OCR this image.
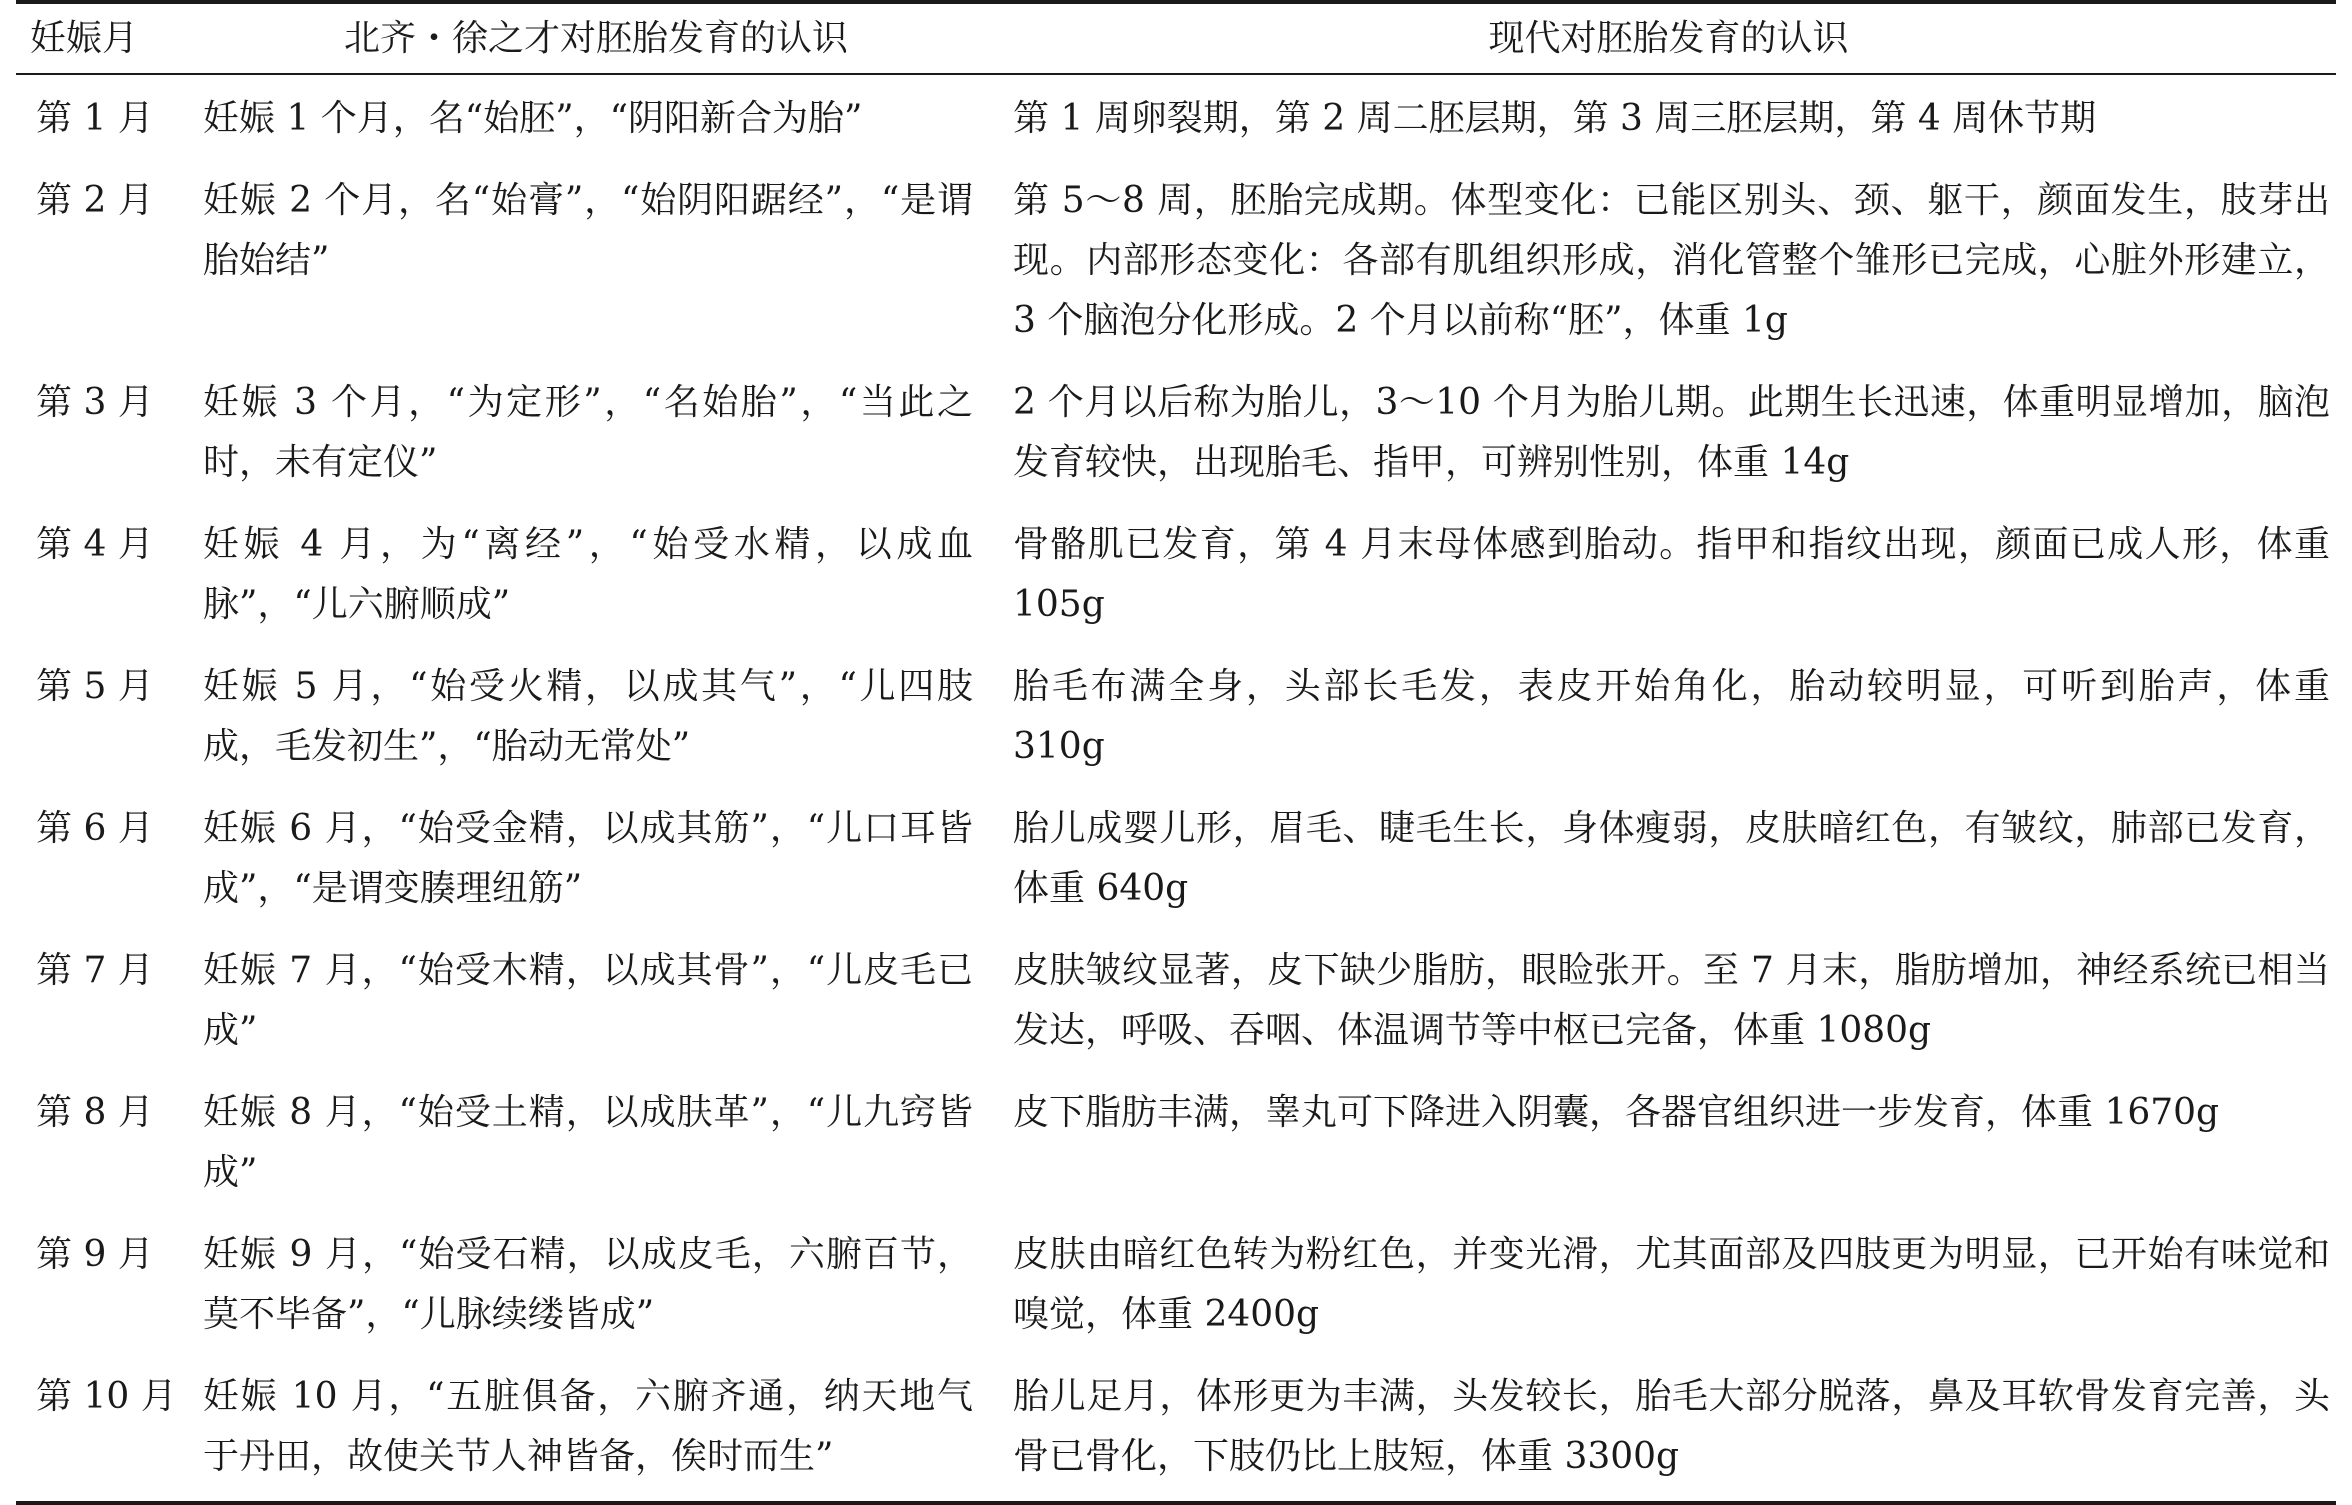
妊娠月	北齐・徐之才对胚胎发育的认识	现代对胚胎发育的认识
第 1 月	妊娠 1 个月，名“始胚”，“阴阳新合为胎”	第 1 周卵裂期，第 2 周二胚层期，第 3 周三胚层期，第 4 周休节期
第 2 月	妊娠 2 个月，名“始膏”，“始阴阳踞经”，“是谓胎始结”	第 5～8 周，胚胎完成期。体型变化：已能区别头、颈、躯干，颜面发生，肢芽出现。内部形态变化：各部有肌组织形成，消化管整个雏形已完成，心脏外形建立，3 个脑泡分化形成。2 个月以前称“胚”，体重 1g
第 3 月	妊娠 3 个月，“为定形”，“名始胎”，“当此之时，未有定仪”	2 个月以后称为胎儿，3～10 个月为胎儿期。此期生长迅速，体重明显增加，脑泡发育较快，出现胎毛、指甲，可辨别性别，体重 14g
第 4 月	妊娠 4 月，为“离经”，“始受水精，以成血脉”，“儿六腑顺成”	骨骼肌已发育，第 4 月末母体感到胎动。指甲和指纹出现，颜面已成人形，体重 105g
第 5 月	妊娠 5 月，“始受火精，以成其气”，“儿四肢成，毛发初生”，“胎动无常处”	胎毛布满全身，头部长毛发，表皮开始角化，胎动较明显，可听到胎声，体重 310g
第 6 月	妊娠 6 月，“始受金精，以成其筋”，“儿口耳皆成”，“是谓变腠理纽筋”	胎儿成婴儿形，眉毛、睫毛生长，身体瘦弱，皮肤暗红色，有皱纹，肺部已发育，体重 640g
第 7 月	妊娠 7 月，“始受木精，以成其骨”，“儿皮毛已成”	皮肤皱纹显著，皮下缺少脂肪，眼睑张开。至 7 月末，脂肪增加，神经系统已相当发达，呼吸、吞咽、体温调节等中枢已完备，体重 1080g
第 8 月	妊娠 8 月，“始受土精，以成肤革”，“儿九窍皆成”	皮下脂肪丰满，睾丸可下降进入阴囊，各器官组织进一步发育，体重 1670g
第 9 月	妊娠 9 月，“始受石精，以成皮毛，六腑百节，莫不毕备”，“儿脉续缕皆成”	皮肤由暗红色转为粉红色，并变光滑，尤其面部及四肢更为明显，已开始有味觉和嗅觉，体重 2400g
第 10 月	妊娠 10 月，“五脏俱备，六腑齐通，纳天地气于丹田，故使关节人神皆备，俟时而生”	胎儿足月，体形更为丰满，头发较长，胎毛大部分脱落，鼻及耳软骨发育完善，头骨已骨化，下肢仍比上肢短，体重 3300g
